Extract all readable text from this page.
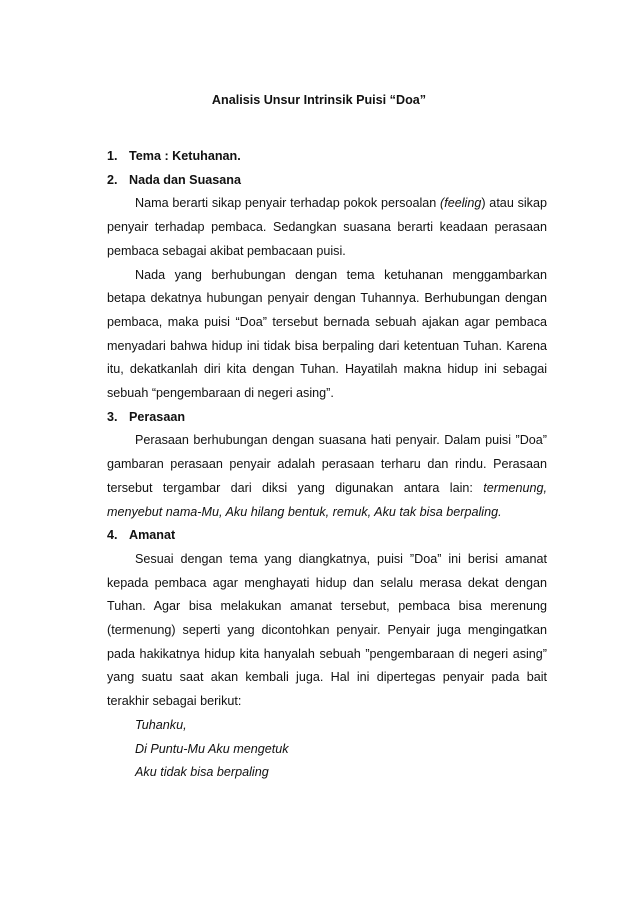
Analisis Unsur Intrinsik Puisi “Doa”
1. Tema : Ketuhanan.
2. Nada dan Suasana
Nama berarti sikap penyair terhadap pokok persoalan (feeling) atau sikap penyair terhadap pembaca. Sedangkan suasana berarti keadaan perasaan pembaca sebagai akibat pembacaan puisi.
Nada yang berhubungan dengan tema ketuhanan menggambarkan betapa dekatnya hubungan penyair dengan Tuhannya. Berhubungan dengan pembaca, maka puisi “Doa” tersebut bernada sebuah ajakan agar pembaca menyadari bahwa hidup ini tidak bisa berpaling dari ketentuan Tuhan. Karena itu, dekatkanlah diri kita dengan Tuhan. Hayatilah makna hidup ini sebagai sebuah “pengembaraan di negeri asing”.
3. Perasaan
Perasaan berhubungan dengan suasana hati penyair. Dalam puisi ”Doa” gambaran perasaan penyair adalah perasaan terharu dan rindu. Perasaan tersebut tergambar dari diksi yang digunakan antara lain: termenung, menyebut nama-Mu, Aku hilang bentuk, remuk, Aku tak bisa berpaling.
4. Amanat
Sesuai dengan tema yang diangkatnya, puisi ”Doa” ini berisi amanat kepada pembaca agar menghayati hidup dan selalu merasa dekat dengan Tuhan. Agar bisa melakukan amanat tersebut, pembaca bisa merenung (termenung) seperti yang dicontohkan penyair. Penyair juga mengingatkan pada hakikatnya hidup kita hanyalah sebuah ”pengembaraan di negeri asing” yang suatu saat akan kembali juga. Hal ini dipertegas penyair pada bait terakhir sebagai berikut:
Tuhanku,
Di Puntu-Mu Aku mengetuk
Aku tidak bisa berpaling
